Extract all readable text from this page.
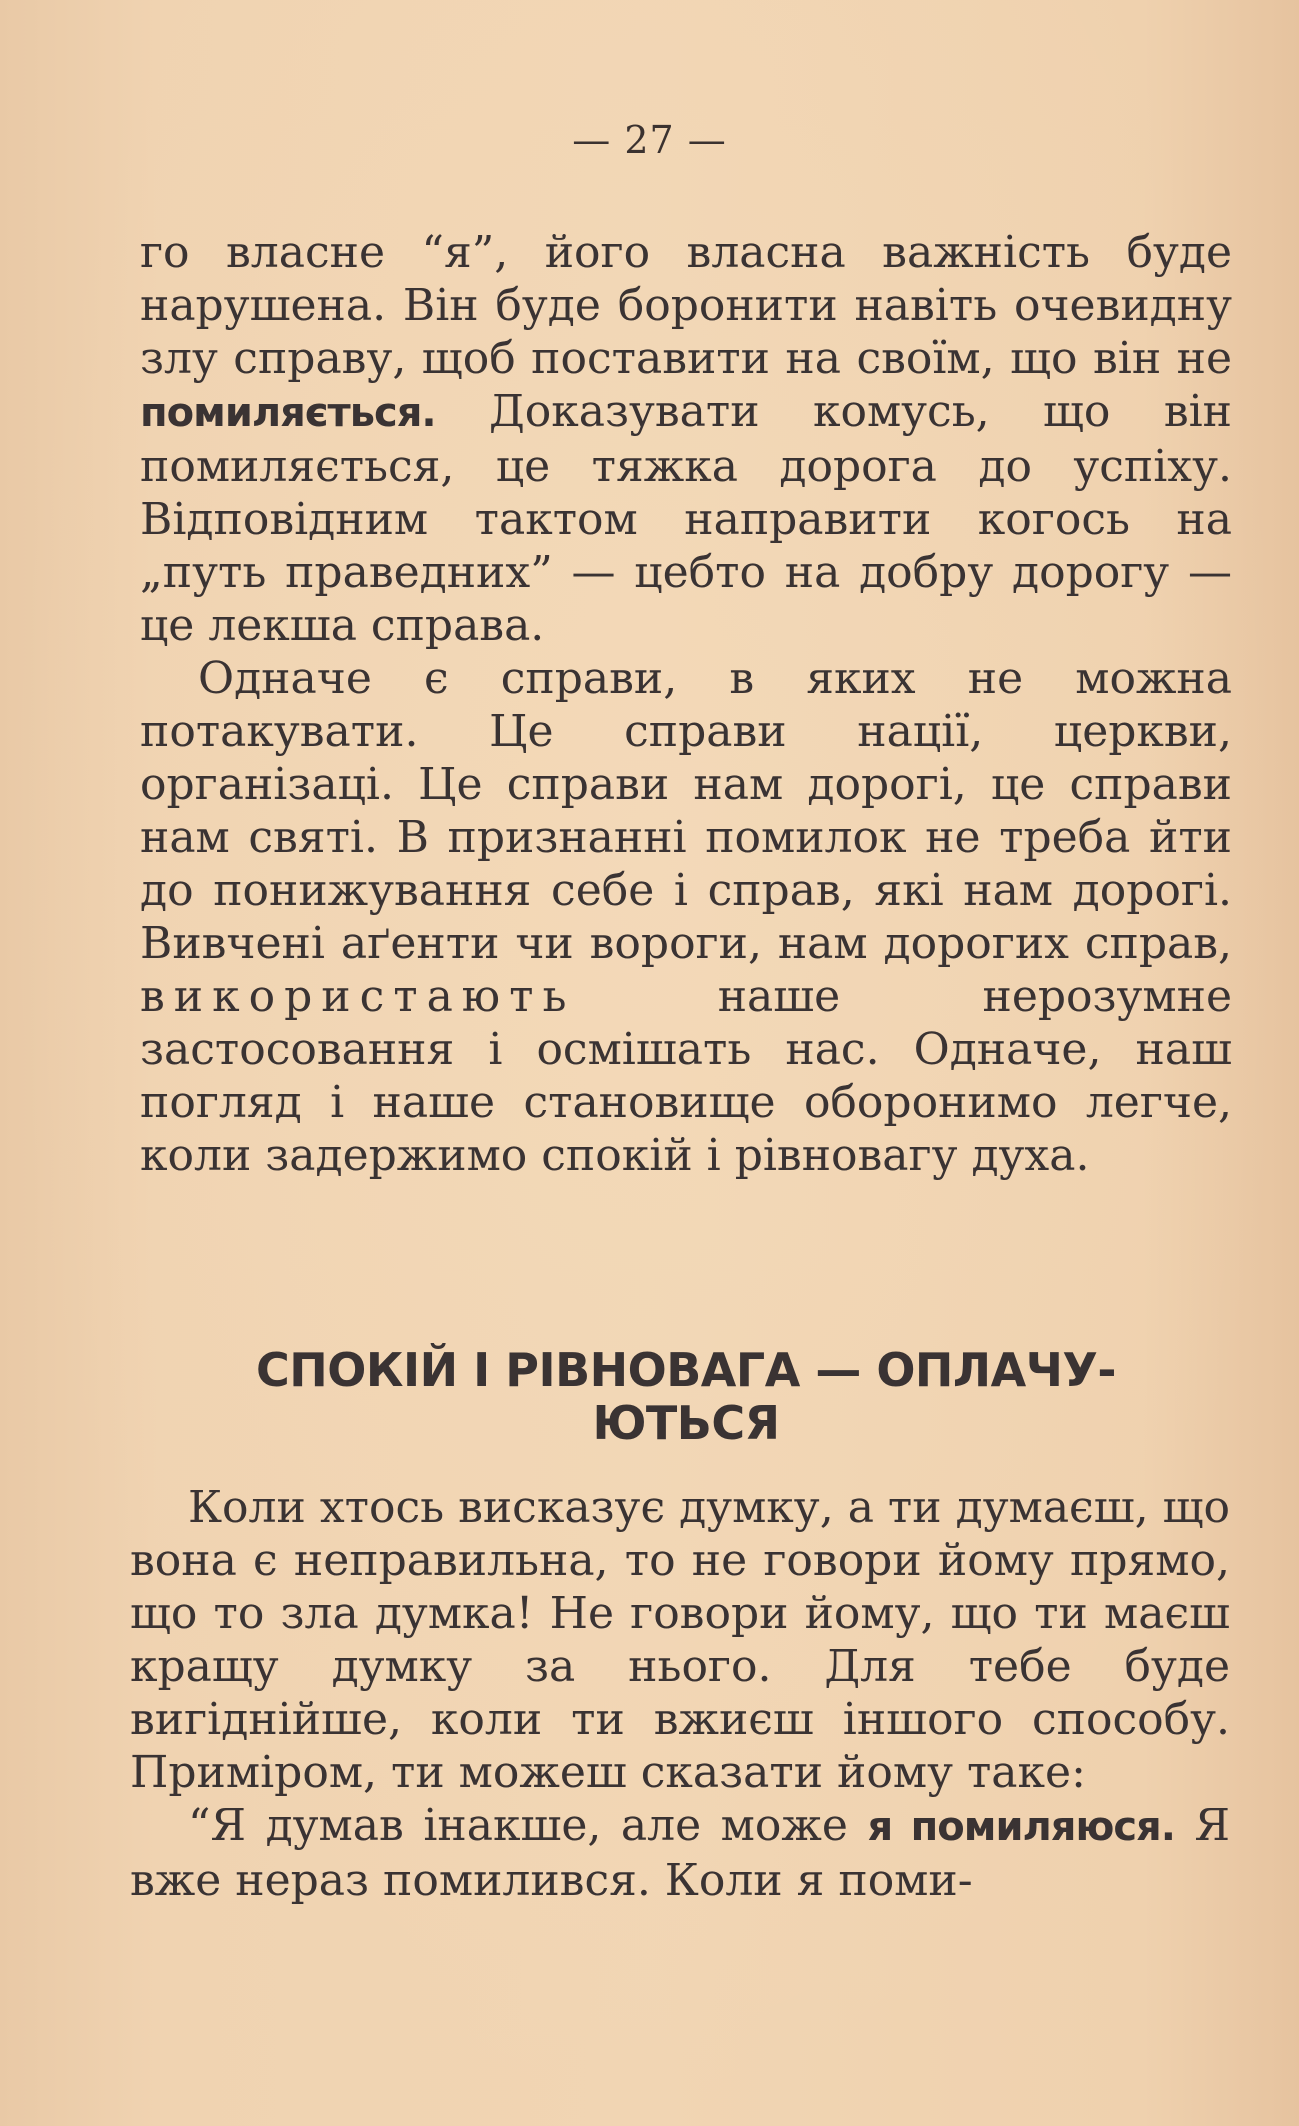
— 27 —

го власне “я”, його власна важність буде нарушена. Він буде боронити навіть очевидну злу справу, щоб поставити на своїм, що він не помиляється. Доказувати комусь, що він помиляється, це тяжка дорога до успіху. Відповідним тактом направити когось на „путь праведних” — цебто на добру дорогу — це лекша справа.

Одначе є справи, в яких не можна потакувати. Це справи нації, церкви, організаці. Це справи нам дорогі, це справи нам святі. В признанні помилок не треба йти до понижування себе і справ, які нам дорогі. Вивчені аґенти чи вороги, нам дорогих справ, використають наше нерозумне застосовання і осмішать нас. Одначе, наш погляд і наше становище оборонимо легче, коли задержимо спокій і рівновагу духа.

СПОКІЙ І РІВНОВАГА — ОПЛАЧУ-
ЮТЬСЯ

Коли хтось висказує думку, а ти думаєш, що вона є неправильна, то не говори йому прямо, що то зла думка! Не говори йому, що ти маєш кращу думку за нього. Для тебе буде вигіднійше, коли ти вжиєш іншого способу. Приміром, ти можеш сказати йому таке:

“Я думав інакше, але може я помиляюся. Я вже нераз помилився. Коли я поми-
